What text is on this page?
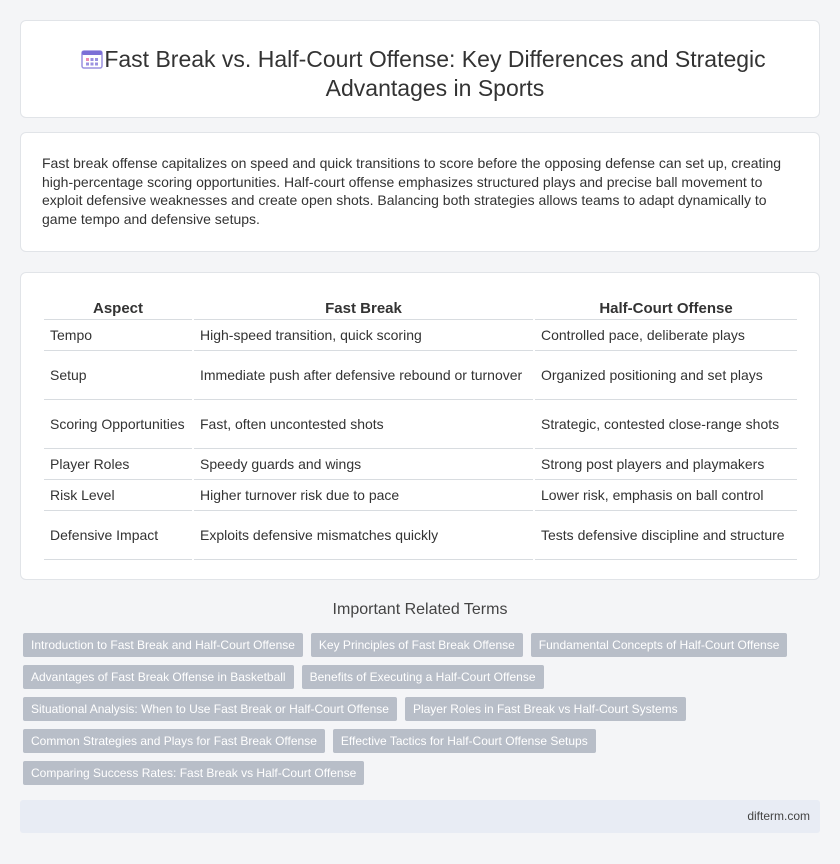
Fast Break vs. Half-Court Offense: Key Differences and Strategic Advantages in Sports

Fast break offense capitalizes on speed and quick transitions to score before the opposing defense can set up, creating high-percentage scoring opportunities. Half-court offense emphasizes structured plays and precise ball movement to exploit defensive weaknesses and create open shots. Balancing both strategies allows teams to adapt dynamically to game tempo and defensive setups.

Aspect	Fast Break	Half-Court Offense
Tempo	High-speed transition, quick scoring	Controlled pace, deliberate plays
Setup	Immediate push after defensive rebound or turnover	Organized positioning and set plays
Scoring Opportunities	Fast, often uncontested shots	Strategic, contested close-range shots
Player Roles	Speedy guards and wings	Strong post players and playmakers
Risk Level	Higher turnover risk due to pace	Lower risk, emphasis on ball control
Defensive Impact	Exploits defensive mismatches quickly	Tests defensive discipline and structure
Important Related Terms
Introduction to Fast Break and Half-Court Offense	Key Principles of Fast Break Offense	Fundamental Concepts of Half-Court Offense
Advantages of Fast Break Offense in Basketball	Benefits of Executing a Half-Court Offense
Situational Analysis: When to Use Fast Break or Half-Court Offense	Player Roles in Fast Break vs Half-Court Systems
Common Strategies and Plays for Fast Break Offense	Effective Tactics for Half-Court Offense Setups
Comparing Success Rates: Fast Break vs Half-Court Offense
difterm.com
